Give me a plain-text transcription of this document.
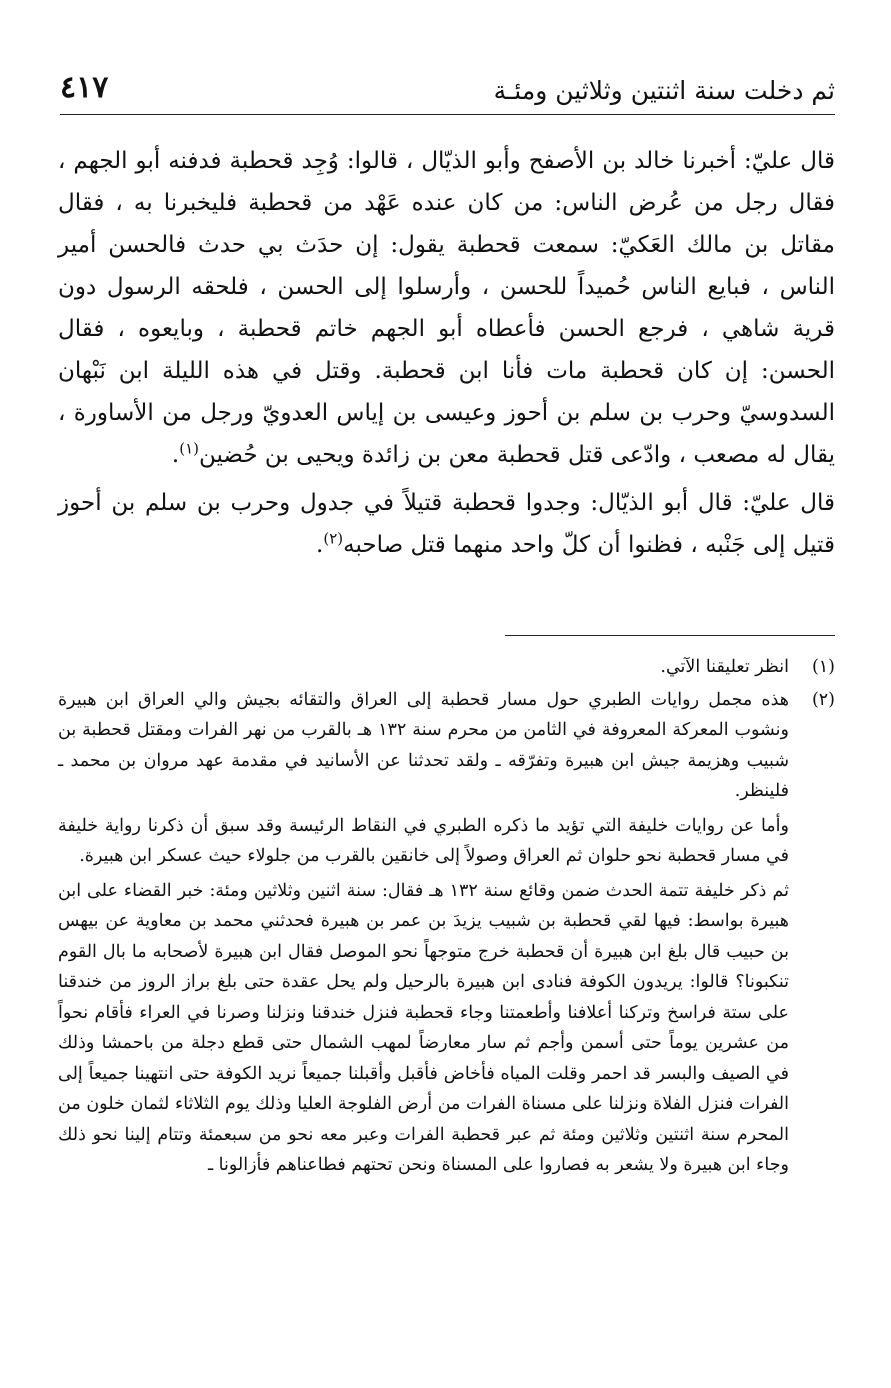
ثم دخلت سنة اثنتين وثلاثين ومئـة
٤١٧

قال عليّ: أخبرنا خالد بن الأصفح وأبو الذيّال ، قالوا: وُجِد قحطبة فدفنه أبو الجهم ، فقال رجل من عُرض الناس: من كان عنده عَهْد من قحطبة فليخبرنا به ، فقال مقاتل بن مالك العَكيّ: سمعت قحطبة يقول: إن حدَث بي حدث فالحسن أمير الناس ، فبايع الناس حُميداً للحسن ، وأرسلوا إلى الحسن ، فلحقه الرسول دون قرية شاهي ، فرجع الحسن فأعطاه أبو الجهم خاتم قحطبة ، وبايعوه ، فقال الحسن: إن كان قحطبة مات فأنا ابن قحطبة. وقتل في هذه الليلة ابن نَبْهان السدوسيّ وحرب بن سلم بن أحوز وعيسى بن إياس العدويّ ورجل من الأساورة ، يقال له مصعب ، وادّعى قتل قحطبة معن بن زائدة ويحيى بن حُضين$^{(١)}$.

قال عليّ: قال أبو الذيّال: وجدوا قحطبة قتيلاً في جدول وحرب بن سلم بن أحوز قتيل إلى جَنْبه ، فظنوا أن كلّ واحد منهما قتل صاحبه$^{(٢)}$.

(١)

انظر تعليقنا الآتي.

(٢)

هذه مجمل روايات الطبري حول مسار قحطبة إلى العراق والتقائه بجيش والي العراق ابن هبيرة ونشوب المعركة المعروفة في الثامن من محرم سنة ١٣٢ هـ بالقرب من نهر الفرات ومقتل قحطبة بن شبيب وهزيمة جيش ابن هبيرة وتفرّقه ـ ولقد تحدثنا عن الأسانيد في مقدمة عهد مروان بن محمد ـ فلينظر.

وأما عن روايات خليفة التي تؤيد ما ذكره الطبري في النقاط الرئيسة وقد سبق أن ذكرنا رواية خليفة في مسار قحطبة نحو حلوان ثم العراق وصولاً إلى خانقين بالقرب من جلولاء حيث عسكر ابن هبيرة.

ثم ذكر خليفة تتمة الحدث ضمن وقائع سنة ١٣٢ هـ فقال: سنة اثنين وثلاثين ومئة: خبر القضاء على ابن هبيرة بواسط: فيها لقي قحطبة بن شبيب يزيدَ بن عمر بن هبيرة فحدثني محمد بن معاوية عن بيهس بن حبيب قال بلغ ابن هبيرة أن قحطبة خرج متوجهاً نحو الموصل فقال ابن هبيرة لأصحابه ما بال القوم تنكبونا؟ قالوا: يريدون الكوفة فنادى ابن هبيرة بالرحيل ولم يحل عقدة حتى بلغ براز الروز من خندقنا على ستة فراسخ وتركنا أعلافنا وأطعمتنا وجاء قحطبة فنزل خندقنا ونزلنا وصرنا في العراء فأقام نحواً من عشرين يوماً حتى أسمن وأجم ثم سار معارضاً لمهب الشمال حتى قطع دجلة من باحمشا وذلك في الصيف والبسر قد احمر وقلت المياه فأخاض فأقبل وأقبلنا جميعاً نريد الكوفة حتى انتهينا جميعاً إلى الفرات فنزل الفلاة ونزلنا على مسناة الفرات من أرض الفلوجة العليا وذلك يوم الثلاثاء لثمان خلون من المحرم سنة اثنتين وثلاثين ومئة ثم عبر قحطبة الفرات وعبر معه نحو من سبعمئة وتتام إلينا نحو ذلك وجاء ابن هبيرة ولا يشعر به فصاروا على المسناة ونحن تحتهم فطاعناهم فأزالونا ـ
